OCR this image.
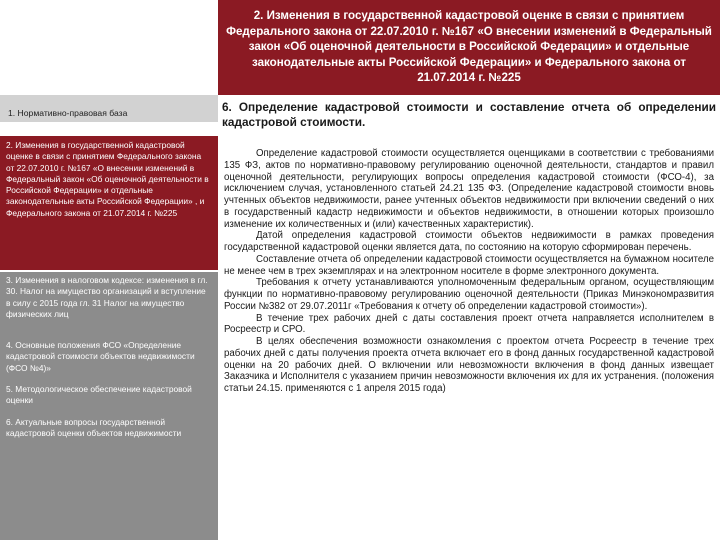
2. Изменения в государственной кадастровой оценке в связи с принятием Федерального закона от 22.07.2010 г. №167 «О внесении изменений в Федеральный закон «Об оценочной деятельности в Российской Федерации» и отдельные законодательные акты Российской Федерации» и Федерального закона от 21.07.2014 г. №225
1. Нормативно-правовая база
2. Изменения в государственной кадастровой оценке в связи с принятием Федерального закона от 22.07.2010 г. №167 «О внесении изменений в Федеральный закон «Об оценочной деятельности в Российской Федерации» и отдельные законодательные акты Российской Федерации» , и Федерального закона от 21.07.2014 г. №225
3. Изменения в налоговом кодексе: изменения в гл. 30. Налог на имущество организаций и вступление в силу с 2015 года гл. 31 Налог на имущество физических лиц
4. Основные положения ФСО «Определение кадастровой стоимости объектов недвижимости (ФСО №4)»
5. Методологическое обеспечение кадастровой оценки
6. Актуальные вопросы государственной кадастровой оценки объектов недвижимости
6. Определение кадастровой стоимости и составление отчета об определении кадастровой стоимости.

Определение кадастровой стоимости осуществляется оценщиками в соответствии с требованиями 135 ФЗ, актов по нормативно-правовому регулированию оценочной деятельности, стандартов и правил оценочной деятельности, регулирующих вопросы определения кадастровой стоимости (ФСО-4), за исключением случая, установленного статьей 24.21 135 ФЗ. (Определение кадастровой стоимости вновь учтенных объектов недвижимости, ранее учтенных объектов недвижимости при включении сведений о них в государственный кадастр недвижимости и объектов недвижимости, в отношении которых произошло изменение их количественных и (или) качественных характеристик).

Датой определения кадастровой стоимости объектов недвижимости в рамках проведения государственной кадастровой оценки является дата, по состоянию на которую сформирован перечень.

Составление отчета об определении кадастровой стоимости осуществляется на бумажном носителе не менее чем в трех экземплярах и на электронном носителе в форме электронного документа.

Требования к отчету устанавливаются уполномоченным федеральным органом, осуществляющим функции по нормативно-правовому регулированию оценочной деятельности (Приказ Минэкономразвития России №382 от 29.07.2011г «Требования к отчету об определении кадастровой стоимости»).

В течение трех рабочих дней с даты составления проект отчета направляется исполнителем в Росреестр и СРО.

В целях обеспечения возможности ознакомления с проектом отчета Росреестр в течение трех рабочих дней с даты получения проекта отчета включает его в фонд данных государственной кадастровой оценки на 20 рабочих дней. О включении или невозможности включения в фонд данных извещает Заказчика и Исполнителя с указанием причин невозможности включения их для их устранения. (положения статьи 24.15. применяются с 1 апреля 2015 года)
